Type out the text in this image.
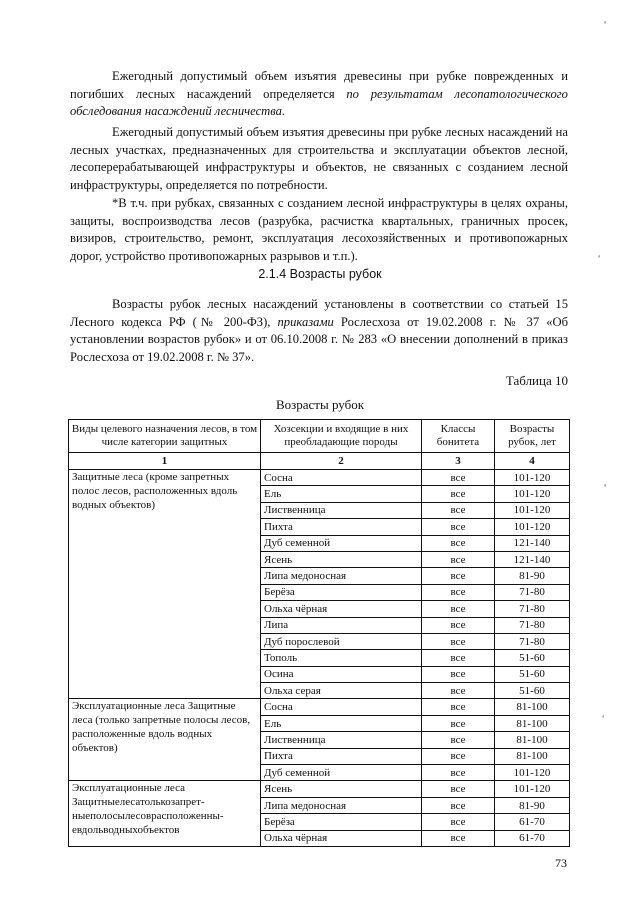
Ежегодный допустимый объем изъятия древесины при рубке поврежденных и погибших лесных насаждений определяется по результатам лесопатологического обследования насаждений лесничества.

Ежегодный допустимый объем изъятия древесины при рубке лесных насаждений на лесных участках, предназначенных для строительства и эксплуатации объектов лесной, лесоперерабатывающей инфраструктуры и объектов, не связанных с созданием лесной инфраструктуры, определяется по потребности.

*В т.ч. при рубках, связанных с созданием лесной инфраструктуры в целях охраны, защиты, воспроизводства лесов (разрубка, расчистка квартальных, граничных просек, визиров, строительство, ремонт, эксплуатация лесохозяйственных и противопожарных дорог, устройство противопожарных разрывов и т.п.).

2.1.4 Возрасты рубок

Возрасты рубок лесных насаждений установлены в соответствии со статьей 15 Лесного кодекса РФ (№ 200-ФЗ), приказами Рослесхоза от 19.02.2008 г. № 37 «Об установлении возрастов рубок» и от 06.10.2008 г. № 283 «О внесении дополнений в приказ Рослесхоза от 19.02.2008 г. № 37».

Таблица 10
Возрасты рубок
Виды целевого назначения лесов, в том числе категории защитных	Хозсекции и входящие в них преобладающие породы	Классы бонитета	Возрасты рубок, лет
1	2	3	4
Защитные леса (кроме запретных полос лесов, расположенных вдоль водных объектов)	Сосна	все	101-120
	Ель	все	101-120
	Лиственница	все	101-120
	Пихта	все	101-120
	Дуб семенной	все	121-140
	Ясень	все	121-140
	Липа медоносная	все	81-90
	Берёза	все	71-80
	Ольха чёрная	все	71-80
	Липа	все	71-80
	Дуб порослевой	все	71-80
	Тополь	все	51-60
	Осина	все	51-60
	Ольха серая	все	51-60
Эксплуатационные леса Защитные леса (только запретные полосы лесов, расположенные вдоль водных объектов)	Сосна	все	81-100
	Ель	все	81-100
	Лиственница	все	81-100
	Пихта	все	81-100
	Дуб семенной	все	101-120
Эксплуатационные леса Защитныелесатолькозапрет-ныеполосылесоврасположенны-евдольводныхобъектов	Ясень	все	101-120
	Липа медоносная	все	81-90
	Берёза	все	61-70
	Ольха чёрная	все	61-70
73
ʻ
ʻ
ʻ
ʻ
